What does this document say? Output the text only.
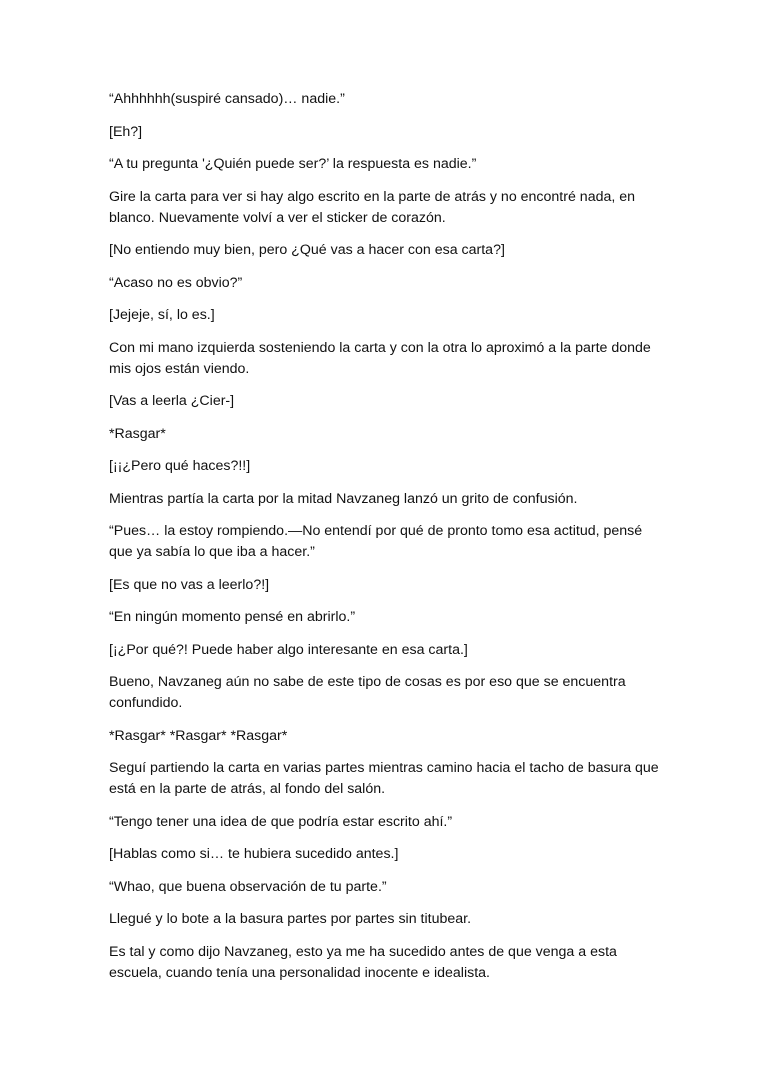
“Ahhhhhh(suspiré cansado)… nadie.”

[Eh?]

“A tu pregunta '¿Quién puede ser?’ la respuesta es nadie.”

Gire la carta para ver si hay algo escrito en la parte de atrás y no encontré nada, en blanco. Nuevamente volví a ver el sticker de corazón.

[No entiendo muy bien, pero ¿Qué vas a hacer con esa carta?]

“Acaso no es obvio?”

[Jejeje, sí, lo es.]

Con mi mano izquierda sosteniendo la carta y con la otra lo aproximó a la parte donde mis ojos están viendo.

[Vas a leerla ¿Cier-]

*Rasgar*

[¡¡¿Pero qué haces?!!]

Mientras partía la carta por la mitad Navzaneg lanzó un grito de confusión.

“Pues… la estoy rompiendo.—No entendí por qué de pronto tomo esa actitud, pensé que ya sabía lo que iba a hacer.”

[Es que no vas a leerlo?!]

“En ningún momento pensé en abrirlo.”

[¡¿Por qué?! Puede haber algo interesante en esa carta.]

Bueno, Navzaneg aún no sabe de este tipo de cosas es por eso que se encuentra confundido.

*Rasgar* *Rasgar* *Rasgar*

Seguí partiendo la carta en varias partes mientras camino hacia el tacho de basura que está en la parte de atrás, al fondo del salón.

“Tengo tener una idea de que podría estar escrito ahí.”

[Hablas como si… te hubiera sucedido antes.]

“Whao, que buena observación de tu parte.”

Llegué y lo bote a la basura partes por partes sin titubear.

Es tal y como dijo Navzaneg, esto ya me ha sucedido antes de que venga a esta escuela, cuando tenía una personalidad inocente e idealista.
